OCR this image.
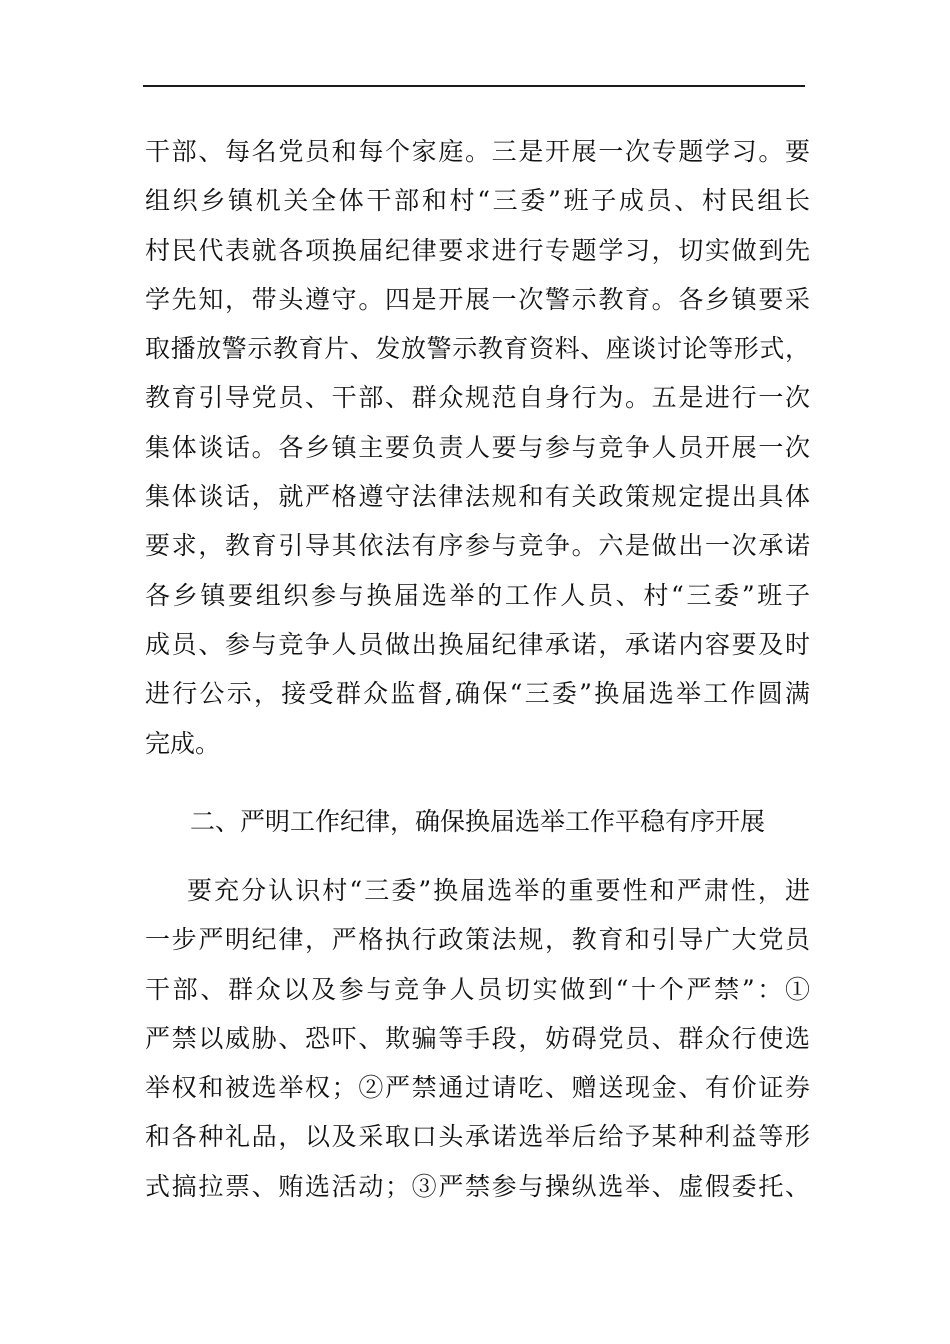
干部、每名党员和每个家庭。三是开展一次专题学习。要
组织乡镇机关全体干部和村“三委”班子成员、村民组长
村民代表就各项换届纪律要求进行专题学习，切实做到先
学先知，带头遵守。四是开展一次警示教育。各乡镇要采
取播放警示教育片、发放警示教育资料、座谈讨论等形式，
教育引导党员、干部、群众规范自身行为。五是进行一次
集体谈话。各乡镇主要负责人要与参与竞争人员开展一次
集体谈话，就严格遵守法律法规和有关政策规定提出具体
要求，教育引导其依法有序参与竞争。六是做出一次承诺
各乡镇要组织参与换届选举的工作人员、村“三委”班子
成员、参与竞争人员做出换届纪律承诺，承诺内容要及时
进行公示，接受群众监督,确保“三委”换届选举工作圆满
完成。
二、严明工作纪律，确保换届选举工作平稳有序开展
要充分认识村“三委”换届选举的重要性和严肃性，进
一步严明纪律，严格执行政策法规，教育和引导广大党员
干部、群众以及参与竞争人员切实做到“十个严禁”：①
严禁以威胁、恐吓、欺骗等手段，妨碍党员、群众行使选
举权和被选举权；②严禁通过请吃、赠送现金、有价证券
和各种礼品，以及采取口头承诺选举后给予某种利益等形
式搞拉票、贿选活动；③严禁参与操纵选举、虚假委托、
